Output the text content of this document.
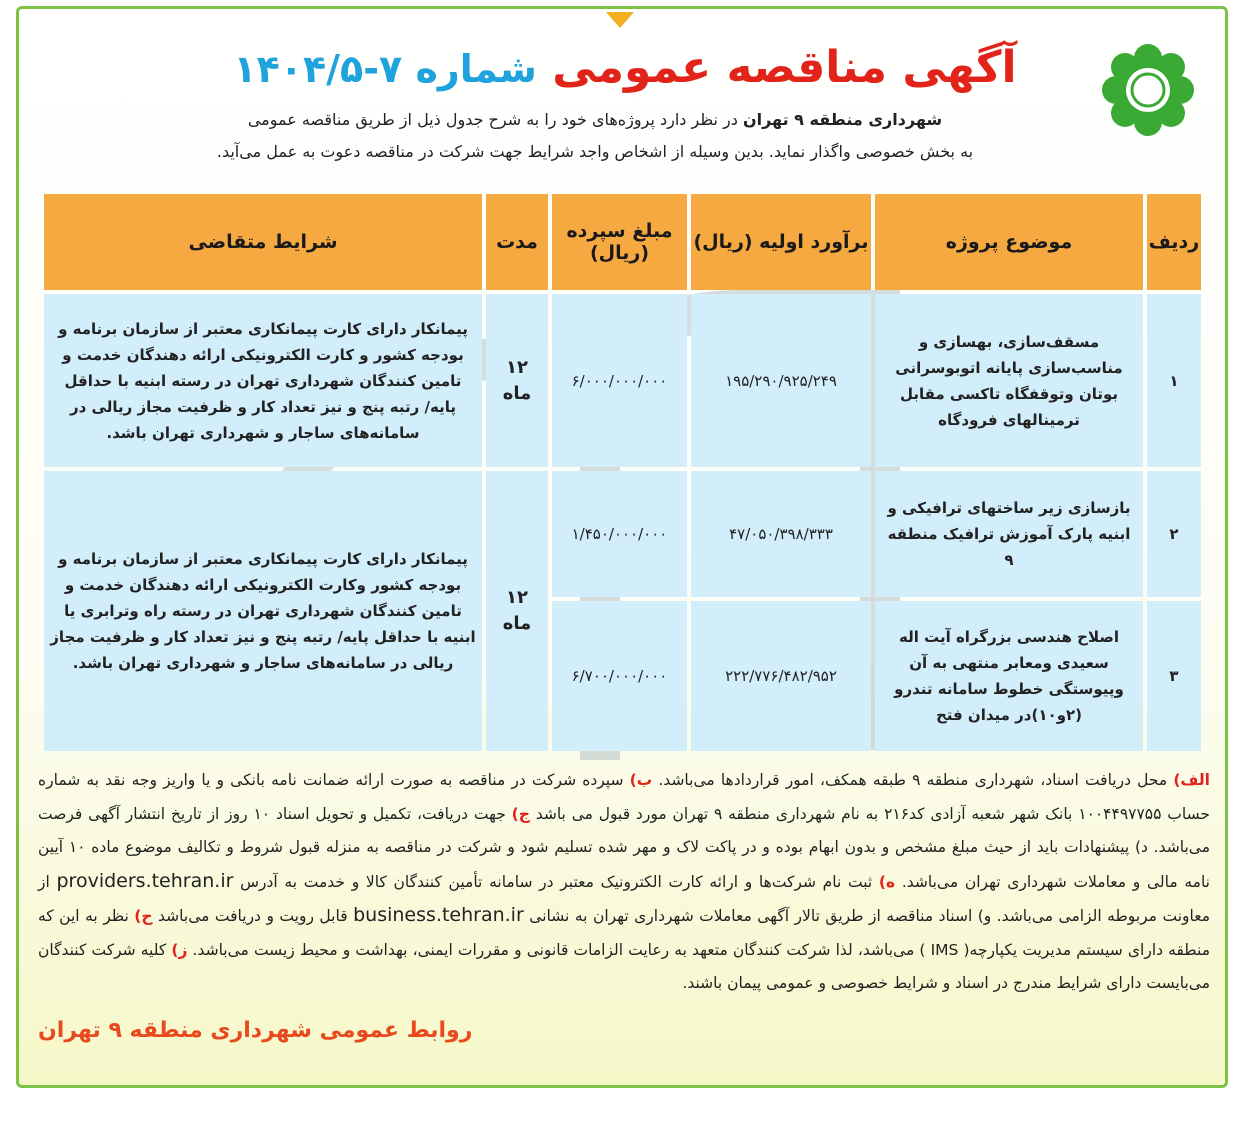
آگهی مناقصه عمومی شماره ۷-۱۴۰۴/۵
شهرداری منطقه ۹ تهران در نظر دارد پروژه‌های خود را به شرح جدول ذیل از طریق مناقصه عمومی
به بخش خصوصی واگذار نماید. بدین وسیله از اشخاص واجد شرایط جهت شرکت در مناقصه دعوت به عمل می‌آید.
ردیف	موضوع پروژه	برآورد اولیه (ریال)	مبلغ سپرده (ریال)	مدت	شرایط متقاضی
۱	مسقف‌سازی، بهسازی و مناسب‌سازی پایانه اتوبوسرانی بوتان وتوقفگاه تاکسی مقابل ترمینالهای فرودگاه	۱۹۵/۲۹۰/۹۲۵/۲۴۹	۶/۰۰۰/۰۰۰/۰۰۰	۱۲ ماه	پیمانکار دارای کارت پیمانکاری معتبر از سازمان برنامه و بودجه کشور و کارت الکترونیکی ارائه دهندگان خدمت و تامین کنندگان شهرداری تهران در رسته ابنیه با حداقل پایه/ رتبه پنج و نیز تعداد کار و ظرفیت مجاز ریالی در سامانه‌های ساجار و شهرداری تهران باشد.
۲	بازسازی زیر ساختهای ترافیکی و ابنیه پارک آموزش ترافیک منطقه ۹	۴۷/۰۵۰/۳۹۸/۳۳۳	۱/۴۵۰/۰۰۰/۰۰۰	۱۲ ماه	پیمانکار دارای کارت پیمانکاری معتبر از سازمان برنامه و بودجه کشور وکارت الکترونیکی ارائه دهندگان خدمت و تامین کنندگان شهرداری تهران در رسته راه وترابری یا ابنیه با حداقل پایه/ رتبه پنج و نیز تعداد کار و ظرفیت مجاز ریالی در سامانه‌های ساجار و شهرداری تهران باشد.
۳	اصلاح هندسی بزرگراه آیت اله سعیدی ومعابر منتهی به آن وپیوستگی خطوط سامانه تندرو (۲و۱۰)در میدان فتح	۲۲۲/۷۷۶/۴۸۲/۹۵۲	۶/۷۰۰/۰۰۰/۰۰۰		
الف) محل دریافت اسناد، شهرداری منطقه ۹ طبقه همکف، امور قراردادها می‌باشد. ب) سپرده شرکت در مناقصه به صورت ارائه ضمانت نامه بانکی و یا واریز وجه نقد به شماره حساب ۱۰۰۴۴۹۷۷۵۵ بانک شهر شعبه آزادی کد۲۱۶ به نام شهرداری منطقه ۹ تهران مورد قبول می باشد ج) جهت دریافت، تکمیل و تحویل اسناد ۱۰ روز از تاریخ انتشار آگهی فرصت می‌باشد. د) پیشنهادات باید از حیث مبلغ مشخص و بدون ابهام بوده و در پاکت لاک و مهر شده تسلیم شود و شرکت در مناقصه به منزله قبول شروط و تکالیف موضوع ماده ۱۰ آیین نامه مالی و معاملات شهرداری تهران می‌باشد. ه) ثبت نام شرکت‌ها و ارائه کارت الکترونیک معتبر در سامانه تأمین کنندگان کالا و خدمت به آدرس providers.tehran.ir از معاونت مربوطه الزامی می‌باشد. و) اسناد مناقصه از طریق تالار آگهی معاملات شهرداری تهران به نشانی business.tehran.ir قابل رویت و دریافت می‌باشد ح) نظر به این که منطقه دارای سیستم مدیریت یکپارچه( IMS ) می‌باشد، لذا شرکت کنندگان متعهد به رعایت الزامات قانونی و مقررات ایمنی، بهداشت و محیط زیست می‌باشد. ز) کلیه شرکت کنندگان می‌بایست دارای شرایط مندرج در اسناد و شرایط خصوصی و عمومی پیمان باشند.
روابط عمومی شهرداری منطقه ۹ تهران
